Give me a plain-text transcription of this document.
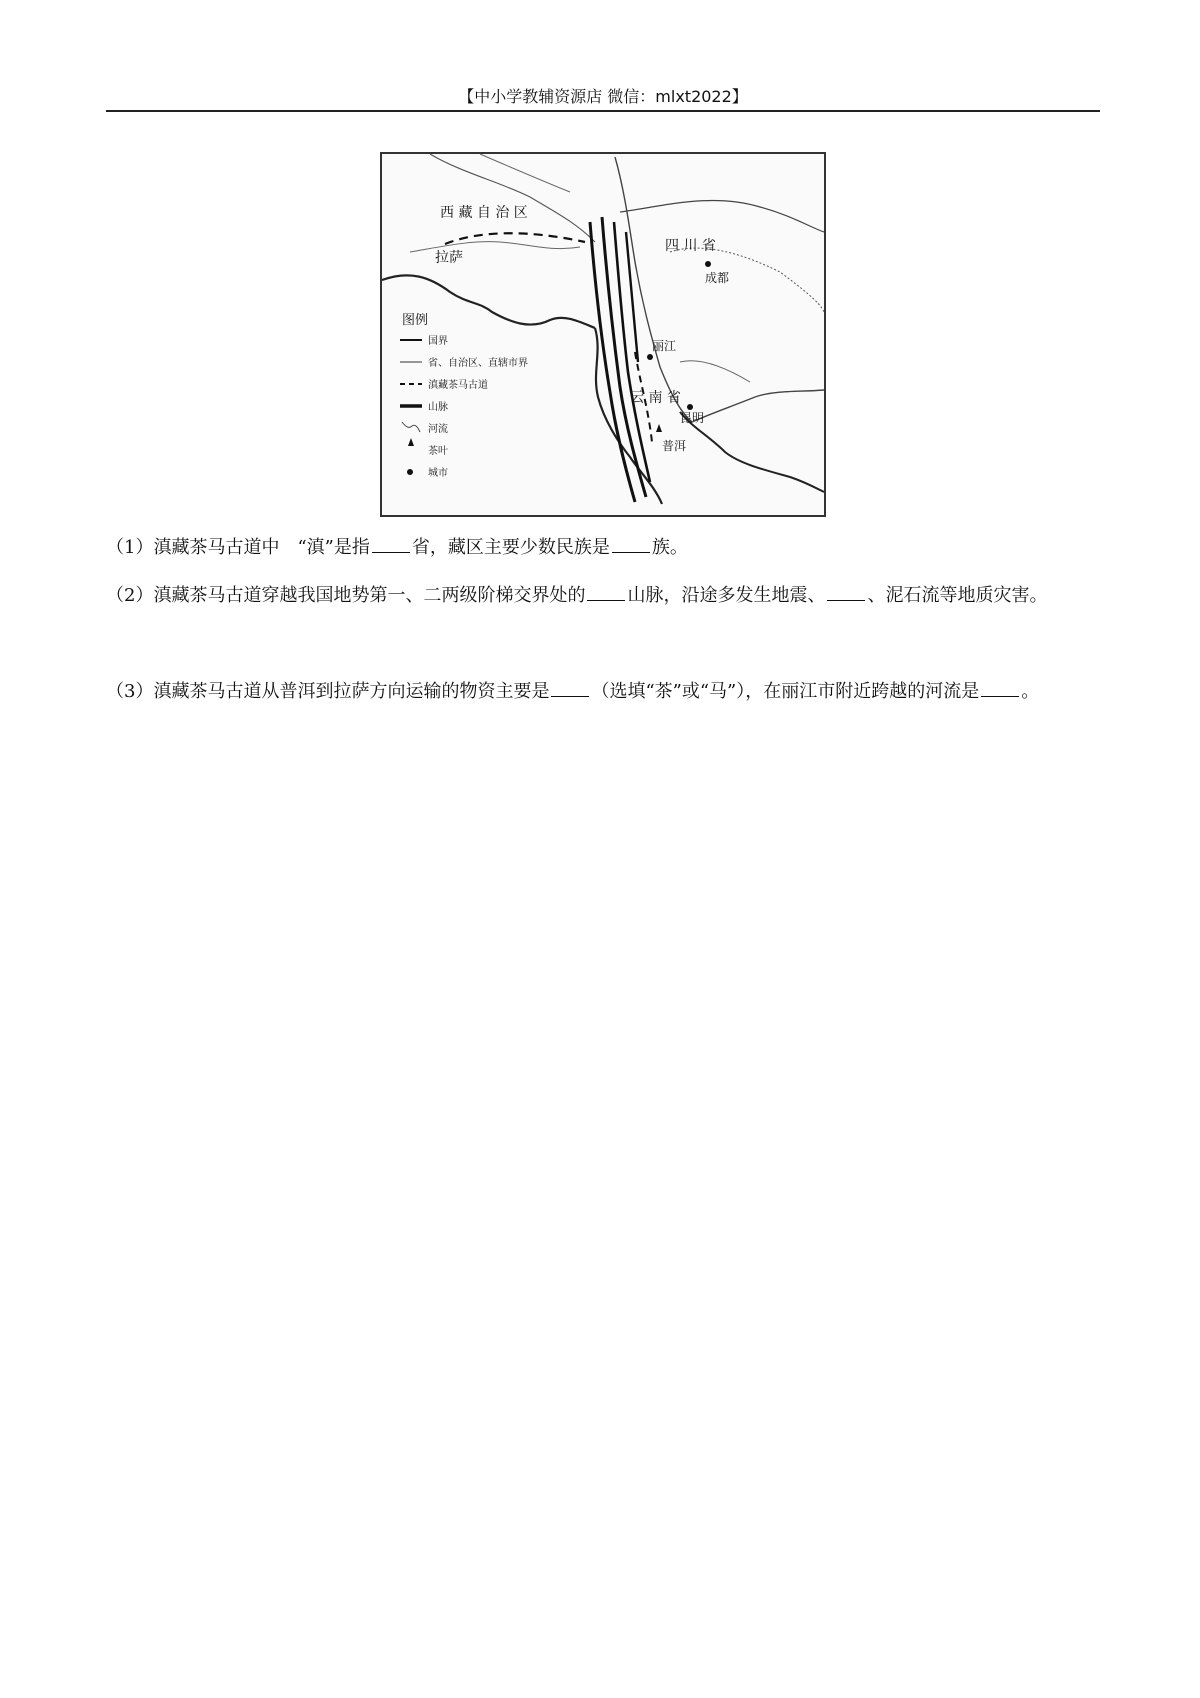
【中小学教辅资源店 微信：mlxt2022】
西 藏 自 治 区
拉萨
四 川 省
成都
丽江
云 南 省
昆明
普洱
图例
国界
省、自治区、直辖市界
滇藏茶马古道
山脉
河流
茶叶
城市

（1）滇藏茶马古道中　“滇”是指 省，藏区主要少数民族是 族。

（2）滇藏茶马古道穿越我国地势第一、二两级阶梯交界处的 山脉，沿途多发生地震、 、泥石流等地质灾害。

（3）滇藏茶马古道从普洱到拉萨方向运输的物资主要是 （选填“茶”或“马”），在丽江市附近跨越的河流是 。
